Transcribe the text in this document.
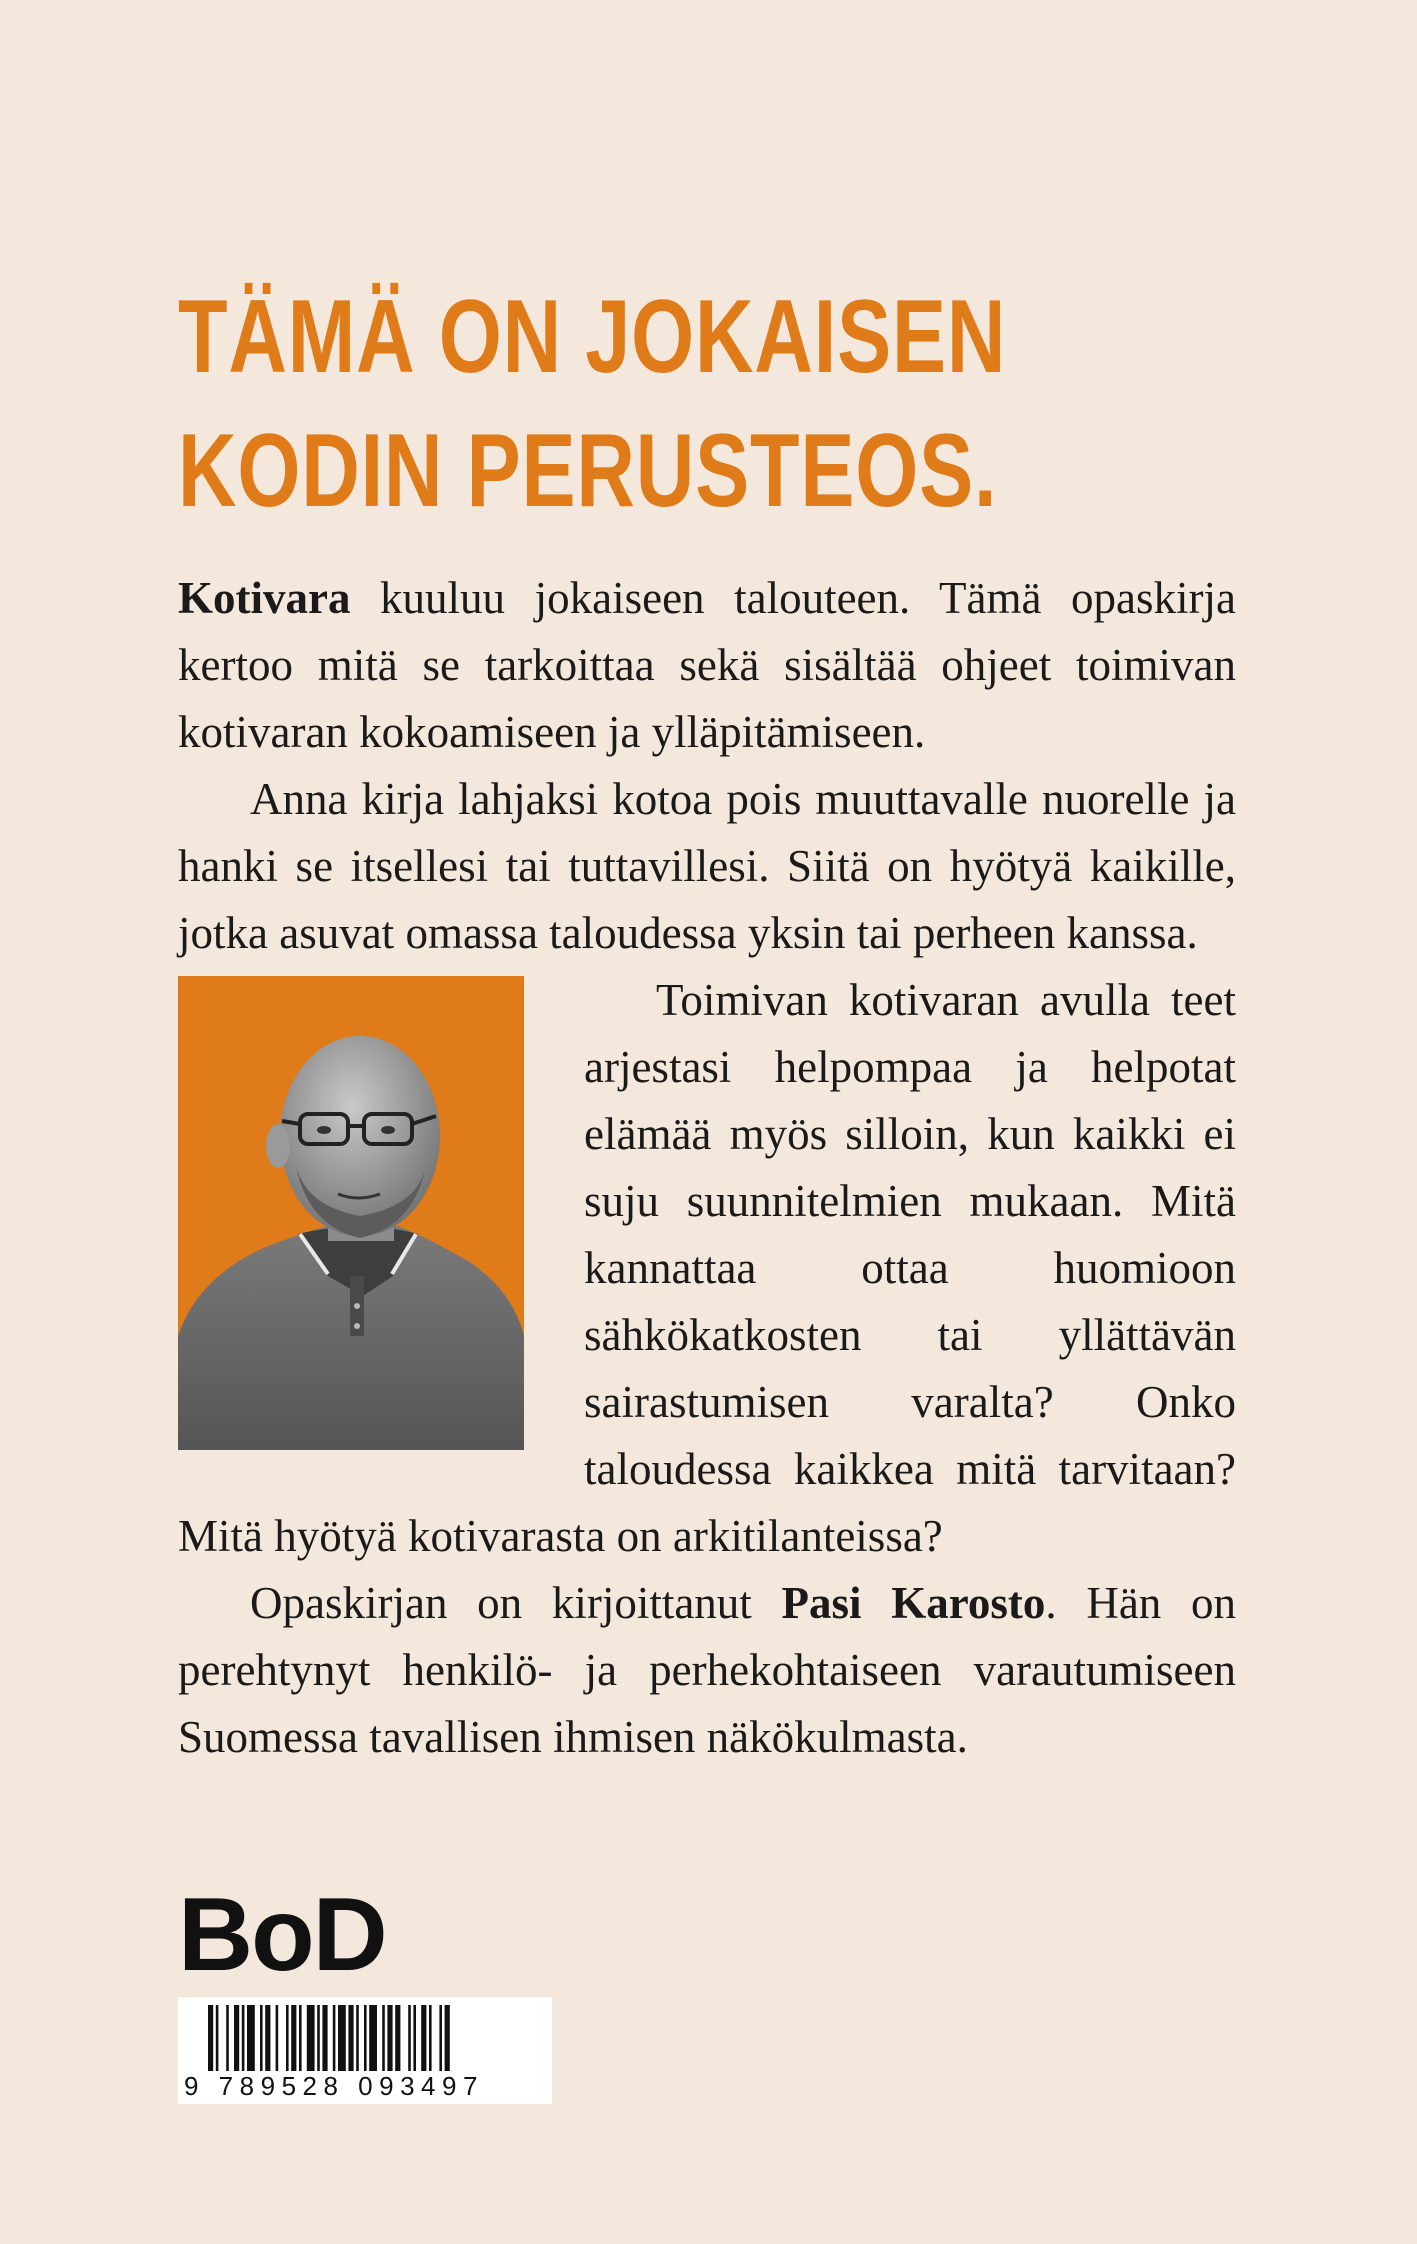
TÄMÄ ON JOKAISEN
KODIN PERUSTEOS.

Kotivara kuuluu jokaiseen talouteen. Tämä opaskirja kertoo mitä se tarkoittaa sekä sisältää ohjeet toimivan kotivaran kokoamiseen ja ylläpitämiseen.

Anna kirja lahjaksi kotoa pois muuttavalle nuorelle ja hanki se itsellesi tai tuttavillesi. Siitä on hyötyä kaikille, jotka asuvat omassa taloudessa yksin tai perheen kanssa.

Toimivan kotivaran avulla teet arjestasi helpompaa ja helpotat elämää myös silloin, kun kaikki ei suju suunnitelmien mukaan. Mitä kannattaa ottaa huomioon sähkökatkosten tai yllättävän sairastumisen varalta? Onko taloudessa kaikkea mitä tarvitaan? Mitä hyötyä kotivarasta on arkitilanteissa?

Opaskirjan on kirjoittanut Pasi Karosto. Hän on perehtynyt henkilö- ja perhekohtaiseen varautumiseen Suomessa tavallisen ihmisen näkökulmasta.

BoD
9 789528 093497
